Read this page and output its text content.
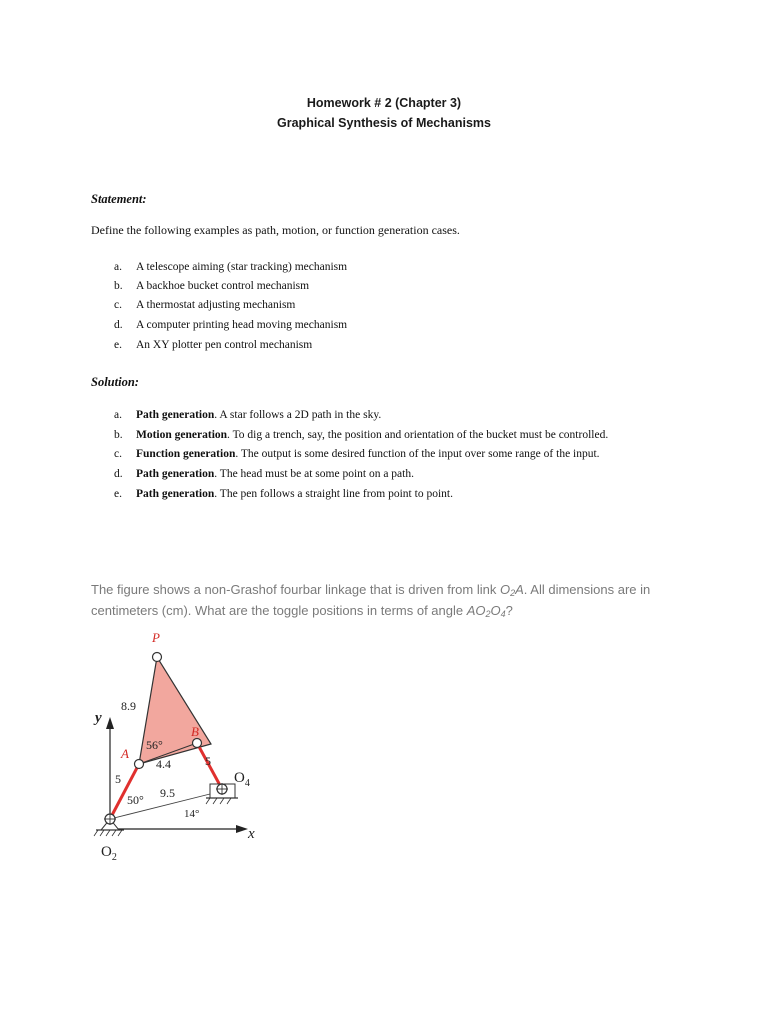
Homework # 2 (Chapter 3)
Graphical Synthesis of Mechanisms
Statement:
Define the following examples as path, motion, or function generation cases.
a.	A telescope aiming (star tracking) mechanism
b. A backhoe bucket control mechanism
c.	A thermostat adjusting mechanism
d. A computer printing head moving mechanism
e.	An XY plotter pen control mechanism
Solution:
a.	Path generation. A star follows a 2D path in the sky.
b. Motion generation. To dig a trench, say, the position and orientation of the bucket must be controlled.
c.	Function generation. The output is some desired function of the input over some range of the input.
d. Path generation. The head must be at some point on a path.
e.	Path generation. The pen follows a straight line from point to point.
The figure shows a non-Grashof fourbar linkage that is driven from link $O_2A$. All dimensions are in centimeters (cm). What are the toggle positions in terms of angle $AO_2O_4$?
P
A
B
y
x
$O_4$
$O_2$
8.9
56°
4.4	5
5
50° 9.5
14°
